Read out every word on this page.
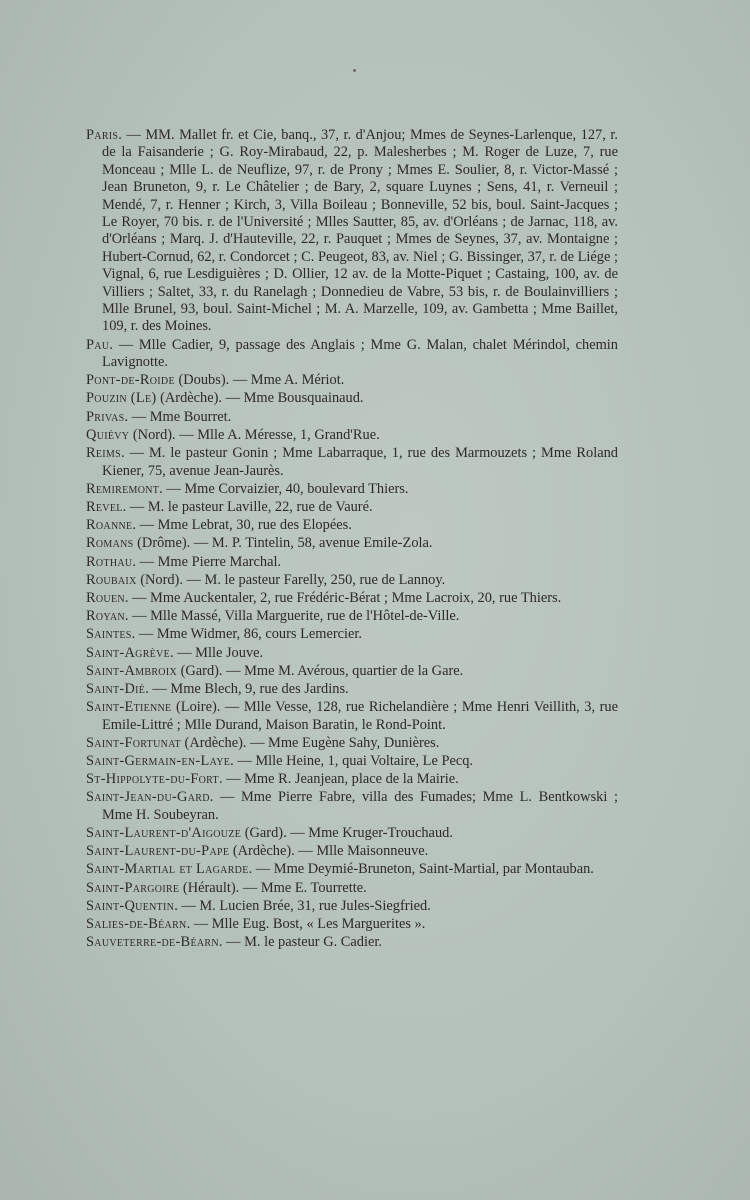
Paris. — MM. Mallet fr. et Cie, banq., 37, r. d'Anjou; Mmes de Seynes-Larlenque, 127, r. de la Faisanderie ; G. Roy-Mirabaud, 22, p. Malesherbes ; M. Roger de Luze, 7, rue Monceau ; Mlle L. de Neuflize, 97, r. de Prony ; Mmes E. Soulier, 8, r. Victor-Massé ; Jean Bruneton, 9, r. Le Châtelier ; de Bary, 2, square Luynes ; Sens, 41, r. Verneuil ; Mendé, 7, r. Henner ; Kirch, 3, Villa Boileau ; Bonneville, 52 bis, boul. Saint-Jacques ; Le Royer, 70 bis. r. de l'Université ; Mlles Sautter, 85, av. d'Orléans ; de Jarnac, 118, av. d'Orléans ; Marq. J. d'Hauteville, 22, r. Pauquet ; Mmes de Seynes, 37, av. Montaigne ; Hubert-Cornud, 62, r. Condorcet ; C. Peugeot, 83, av. Niel ; G. Bissinger, 37, r. de Liége ; Vignal, 6, rue Lesdiguières ; D. Ollier, 12 av. de la Motte-Piquet ; Castaing, 100, av. de Villiers ; Saltet, 33, r. du Ranelagh ; Donnedieu de Vabre, 53 bis, r. de Boulainvilliers ; Mlle Brunel, 93, boul. Saint-Michel ; M. A. Marzelle, 109, av. Gambetta ; Mme Baillet, 109, r. des Moines.

Pau. — Mlle Cadier, 9, passage des Anglais ; Mme G. Malan, chalet Mérindol, chemin Lavignotte.

Pont-de-Roide (Doubs). — Mme A. Mériot.

Pouzin (Le) (Ardèche). — Mme Bousquainaud.

Privas. — Mme Bourret.

Quiévy (Nord). — Mlle A. Méresse, 1, Grand'Rue.

Reims. — M. le pasteur Gonin ; Mme Labarraque, 1, rue des Marmouzets ; Mme Roland Kiener, 75, avenue Jean-Jaurès.

Remiremont. — Mme Corvaizier, 40, boulevard Thiers.

Revel. — M. le pasteur Laville, 22, rue de Vauré.

Roanne. — Mme Lebrat, 30, rue des Elopées.

Romans (Drôme). — M. P. Tintelin, 58, avenue Emile-Zola.

Rothau. — Mme Pierre Marchal.

Roubaix (Nord). — M. le pasteur Farelly, 250, rue de Lannoy.

Rouen. — Mme Auckentaler, 2, rue Frédéric-Bérat ; Mme Lacroix, 20, rue Thiers.

Royan. — Mlle Massé, Villa Marguerite, rue de l'Hôtel-de-Ville.

Saintes. — Mme Widmer, 86, cours Lemercier.

Saint-Agrève. — Mlle Jouve.

Saint-Ambroix (Gard). — Mme M. Avérous, quartier de la Gare.

Saint-Dié. — Mme Blech, 9, rue des Jardins.

Saint-Etienne (Loire). — Mlle Vesse, 128, rue Richelandière ; Mme Henri Veillith, 3, rue Emile-Littré ; Mlle Durand, Maison Baratin, le Rond-Point.

Saint-Fortunat (Ardèche). — Mme Eugène Sahy, Dunières.

Saint-Germain-en-Laye. — Mlle Heine, 1, quai Voltaire, Le Pecq.

St-Hippolyte-du-Fort. — Mme R. Jeanjean, place de la Mairie.

Saint-Jean-du-Gard. — Mme Pierre Fabre, villa des Fumades; Mme L. Bentkowski ; Mme H. Soubeyran.

Saint-Laurent-d'Aigouze (Gard). — Mme Kruger-Trouchaud.

Saint-Laurent-du-Pape (Ardèche). — Mlle Maisonneuve.

Saint-Martial et Lagarde. — Mme Deymié-Bruneton, Saint-Martial, par Montauban.

Saint-Pargoire (Hérault). — Mme E. Tourrette.

Saint-Quentin. — M. Lucien Brée, 31, rue Jules-Siegfried.

Salies-de-Béarn. — Mlle Eug. Bost, « Les Marguerites ».

Sauveterre-de-Béarn. — M. le pasteur G. Cadier.
